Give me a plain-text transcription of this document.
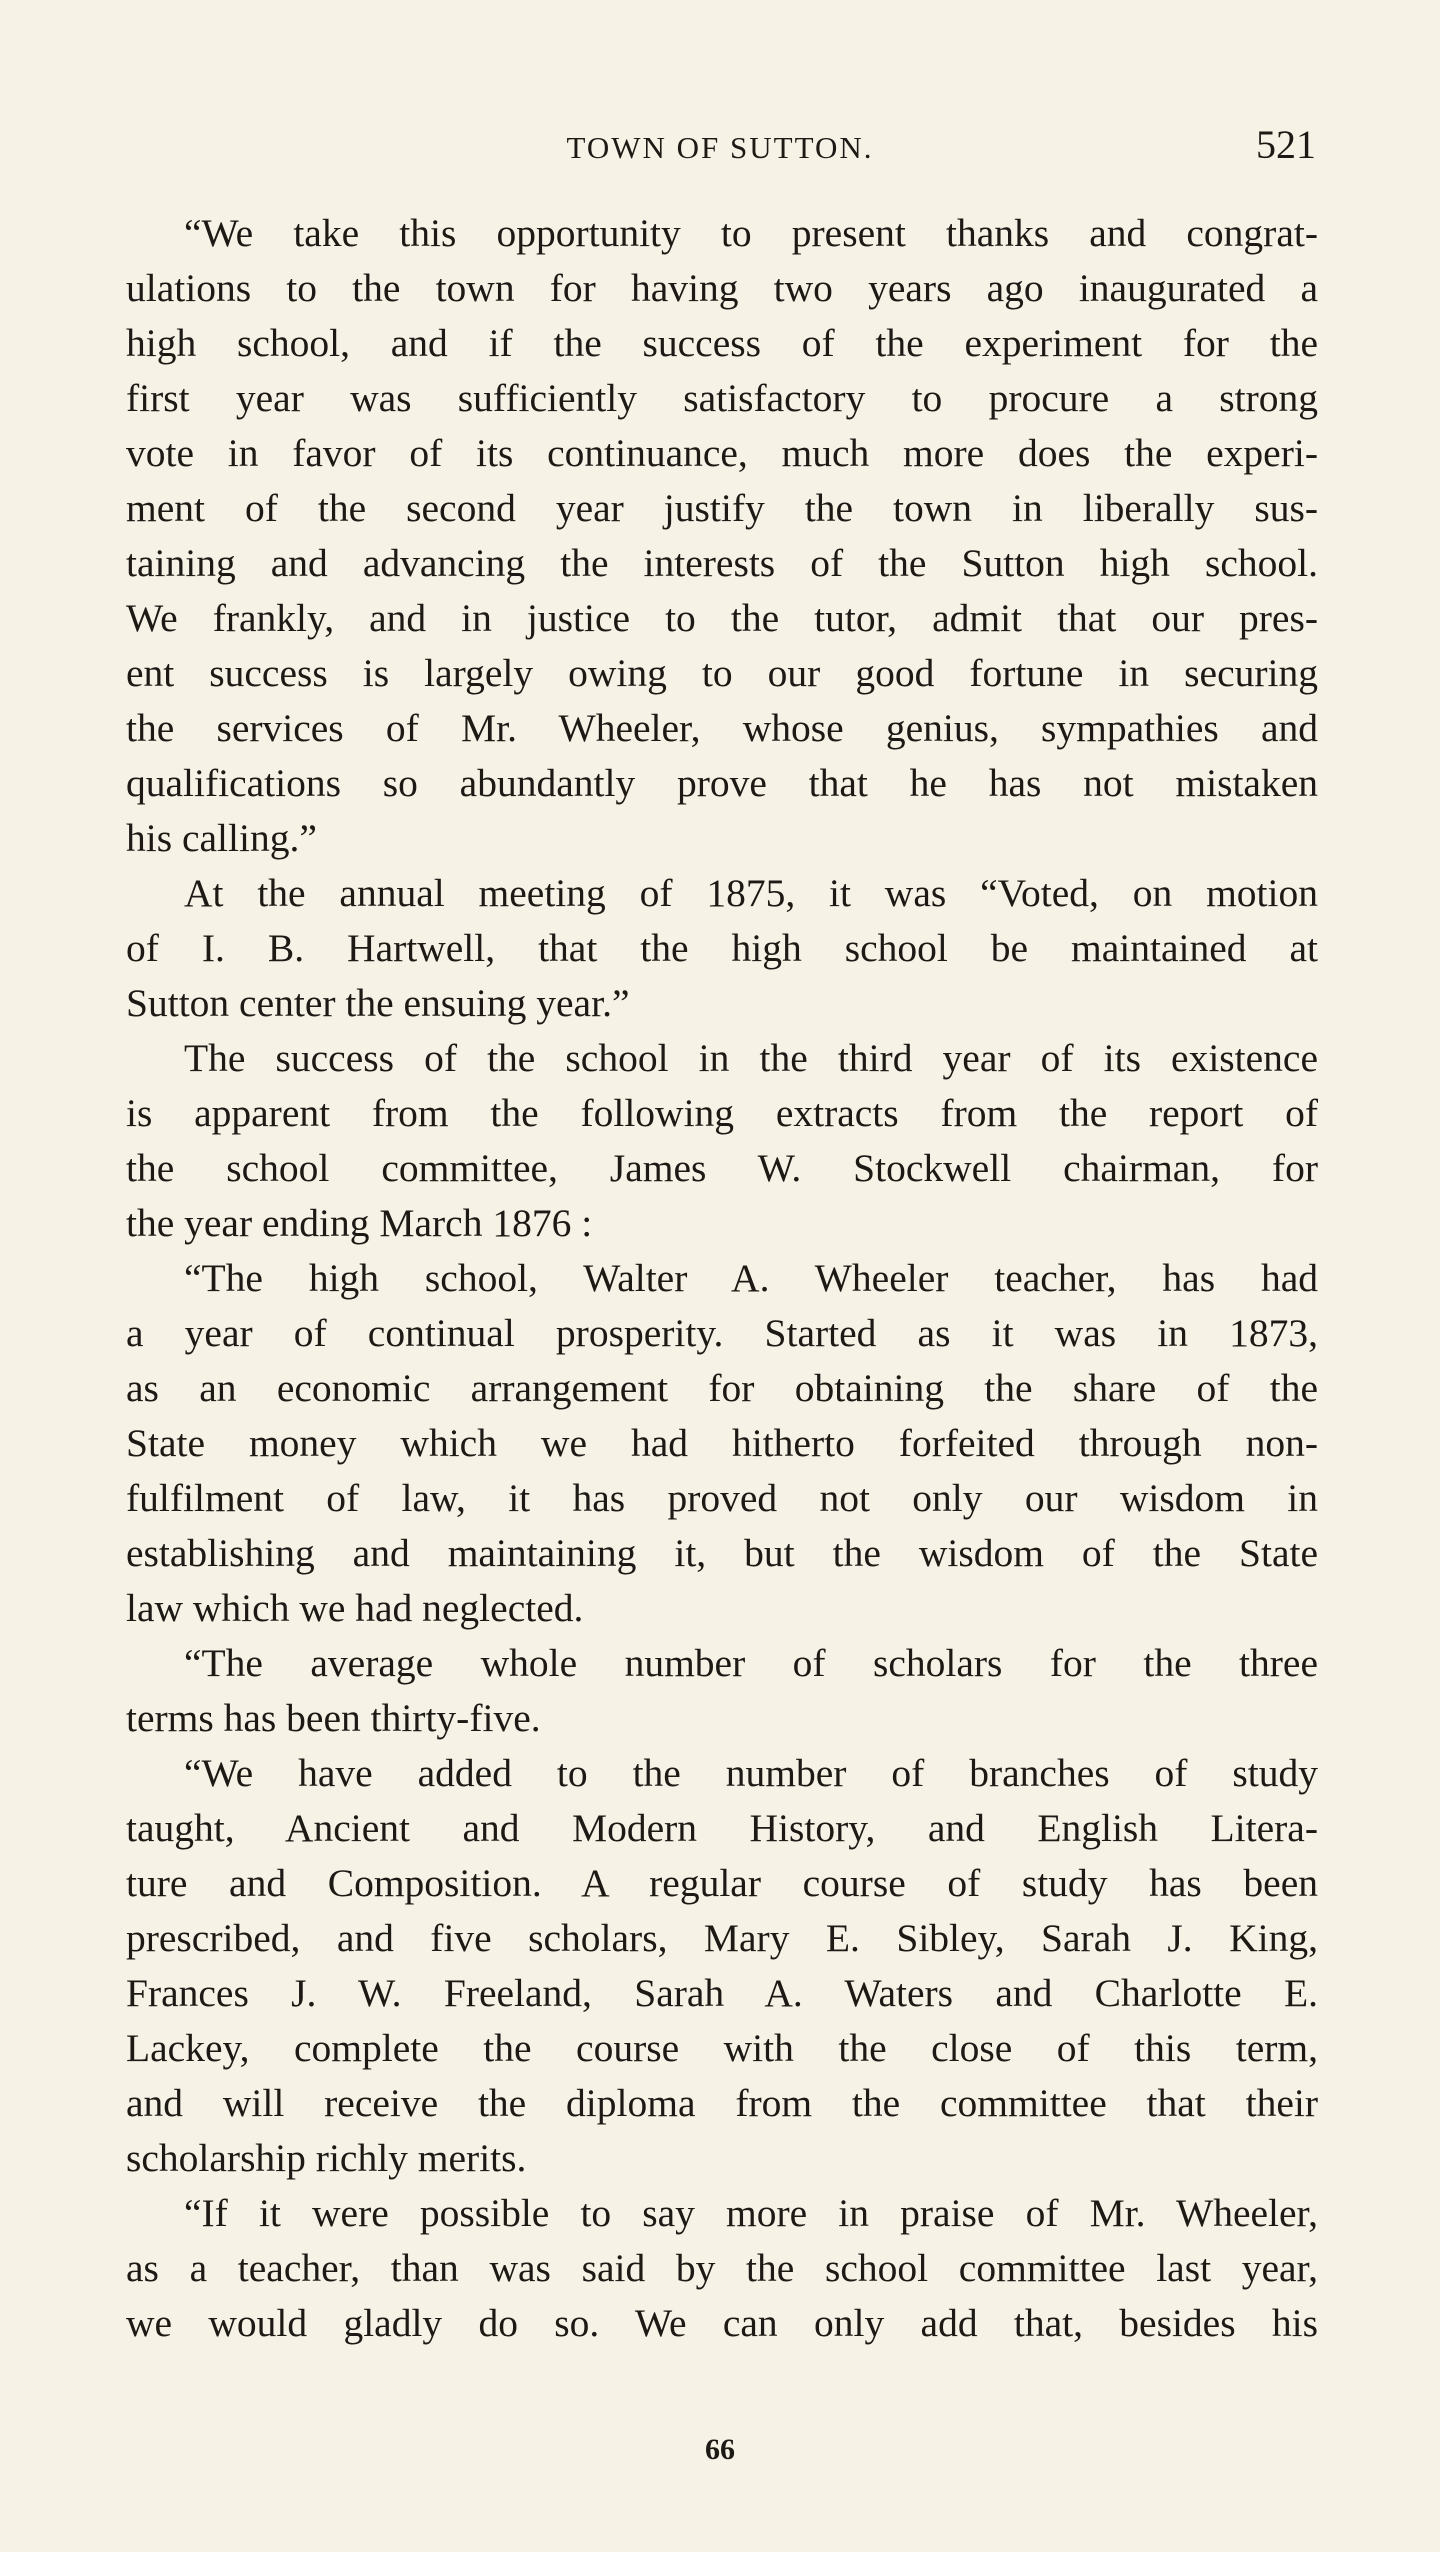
TOWN OF SUTTON.	521
“We take this opportunity to present thanks and congrat-
ulations to the town for having two years ago inaugurated a
high school, and if the success of the experiment for the
first year was sufficiently satisfactory to procure a strong
vote in favor of its continuance, much more does the experi-
ment of the second year justify the town in liberally sus-
taining and advancing the interests of the Sutton high school.
We frankly, and in justice to the tutor, admit that our pres-
ent success is largely owing to our good fortune in securing
the services of Mr. Wheeler, whose genius, sympathies and
qualifications so abundantly prove that he has not mistaken
his calling.”
At the annual meeting of 1875, it was “Voted, on motion
of I. B. Hartwell, that the high school be maintained at
Sutton center the ensuing year.”
The success of the school in the third year of its existence
is apparent from the following extracts from the report of
the school committee, James W. Stockwell chairman, for
the year ending March 1876 :
“The high school, Walter A. Wheeler teacher, has had
a year of continual prosperity. Started as it was in 1873,
as an economic arrangement for obtaining the share of the
State money which we had hitherto forfeited through non-
fulfilment of law, it has proved not only our wisdom in
establishing and maintaining it, but the wisdom of the State
law which we had neglected.
“The average whole number of scholars for the three
terms has been thirty-five.
“We have added to the number of branches of study
taught, Ancient and Modern History, and English Litera-
ture and Composition. A regular course of study has been
prescribed, and five scholars, Mary E. Sibley, Sarah J. King,
Frances J. W. Freeland, Sarah A. Waters and Charlotte E.
Lackey, complete the course with the close of this term,
and will receive the diploma from the committee that their
scholarship richly merits.
“If it were possible to say more in praise of Mr. Wheeler,
as a teacher, than was said by the school committee last year,
we would gladly do so. We can only add that, besides his
66
